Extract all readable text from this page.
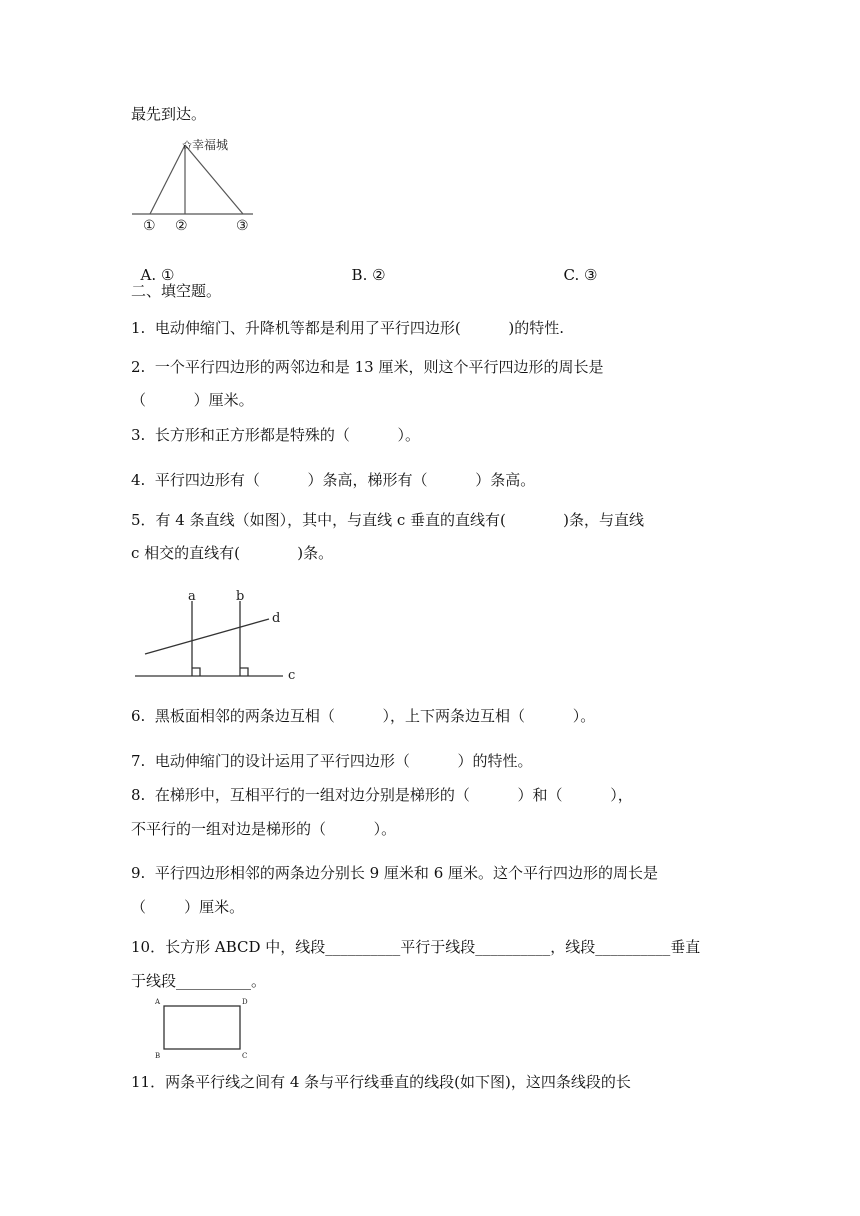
最先到达。
✩幸福城
① ②	③

A. ①	B. ②	C. ③

二、填空题。
1.  电动伸缩门、升降机等都是利用了平行四边形(          )的特性.
2.  一个平行四边形的两邻边和是 13 厘米，则这个平行四边形的周长是
（          ）厘米。
3.  长方形和正方形都是特殊的（          ）。
4.  平行四边形有（          ）条高，梯形有（          ）条高。
5．有 4 条直线（如图），其中，与直线 c 垂直的直线有(            )条，与直线
c 相交的直线有(            )条。
a	b
c
d
6.  黑板面相邻的两条边互相（          ），上下两条边互相（          ）。
7.  电动伸缩门的设计运用了平行四边形（          ）的特性。
8.  在梯形中，互相平行的一组对边分别是梯形的（          ）和（          ），
不平行的一组对边是梯形的（          ）。
9.  平行四边形相邻的两条边分别长 9 厘米和 6 厘米。这个平行四边形的周长是
（        ）厘米。
10．长方形 ABCD 中，线段__________平行于线段__________，线段__________垂直
于线段__________。
A	D
B	C
11．两条平行线之间有 4 条与平行线垂直的线段(如下图)，这四条线段的长
